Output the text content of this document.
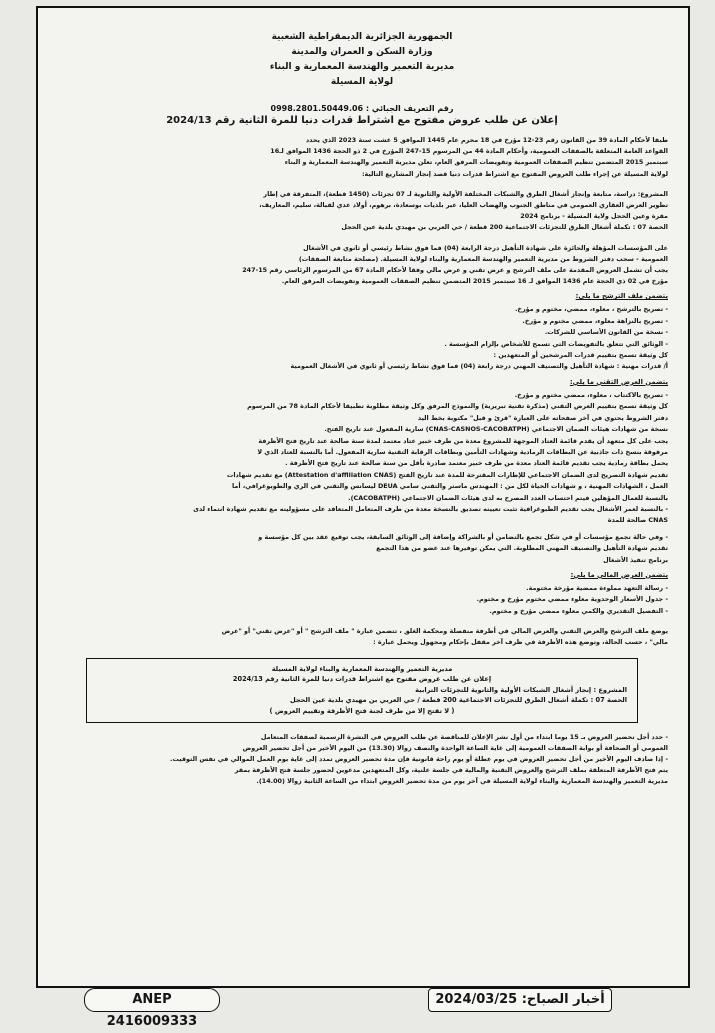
الجمهورية الجزائرية الديمقراطية الشعبية
وزارة السكن و العمران والمدينة
مديرية التعمير والهندسة المعمارية و البناء
لولاية المسيلة
رقم التعريف الجبائي : 0998.2801.50449.06
إعلان عن طلب عروض مفتوح مع اشتراط قدرات دنيا للمرة الثانية رقم 2024/13

طبقا لأحكام المادة 39 من القانون رقم 23-12 مؤرخ في 18 محرم عام 1445 الموافق 5 غشت سنة 2023 الذي يحدد

القواعد العامة المتعلقة بالصفقات العمومية، وأحكام المادة 44 من المرسوم 15-247 المؤرخ في 2 ذو الحجة 1436 الموافق لـ16

سبتمبر 2015 المتضمن تنظيم الصفقات العمومية وتفويضات المرفق العام، تعلن مديرية التعمير والهندسة المعمارية و البناء

لولاية المسيلة عن إجراء طلب العروض المفتوح مع اشتراط قدرات دنيا قصد إنجاز المشاريع التالية:

المشروع: دراسة، متابعة وإنجاز أشغال الطرق والشبكات المختلفة الأولية والثانوية لـ 07 تجزئات (1450 قطعة)، المتفرقة في إطار

تطوير العرض العقاري العمومي في مناطق الجنوب والهضاب العليا، عبر بلديات بوسعادة، برهوم، أولاد عدي لقبالة، سليم، المعاريف،

مقرة وعين الحجل ولاية المسيلة - برنامج 2024

الحصة 07 : تكملة أشغال الطرق للتجزئات الاجتماعية 200 قطعة / حي العربي بن مهيدي بلدية عين الحجل

على المؤسسات المؤهلة والحائزة على شهادة التأهيل درجة الرابعة (04) فما فوق نشاط رئيسي أو ثانوي في الأشغال

العمومية - سحب دفتر الشروط من مديرية التعمير والهندسة المعمارية والبناء لولاية المسيلة. (مصلحة متابعة الصفقات)

يجب أن تشمل العروض المقدمة على ملف الترشح و عرض تقني و عرض مالي وفقا لأحكام المادة 67 من المرسوم الرئاسي رقم 15-247

مؤرخ في 02 ذي الحجة عام 1436 الموافق لـ 16 سبتمبر 2015 المتضمن تنظيم الصفقات العمومية وتفويضات المرفق العام.

يتضمن ملف الترشح ما يلي:

- تصريح بالترشح ، معلوء، ممضي، مختوم و مؤرخ.

- تصريح بالنزاهة معلوء، ممضي مختوم و مؤرخ.

- نسخة من القانون الأساسي للشركات.

- الوثائق التي تتعلق بالتفويضات التي تسمح للأشخاص بإلزام المؤسسة .

كل وثيقة تسمح بتقييم قدرات المرشحين أو المتعهدين :

أ/ قدرات مهنية : شهادة التأهيل والتصنيف المهني درجة رابعة (04) فما فوق نشاط رئيسي أو ثانوي في الأشغال العمومية

يتضمن العرض التقني ما يلي:

- تصريح بالاكتتاب ، معلوء، ممضي مختوم و مؤرخ.

كل وثيقة تسمح بتقييم العرض التقني (مذكرة تقنية تبريرية) والنموذج المرفق وكل وثيقة مطلوبة تطبيقا لأحكام المادة 78 من المرسوم

دفتر الشروط يحتوي في آخر صفحاته على العبارة "قرئ و قبل" مكتوبة بخط اليد

نسخة من شهادات هيئات الضمان الاجتماعي (CNAS-CASNOS-CACOBATPH) سارية المفعول عند تاريخ الفتح.

يجب على كل متعهد أن يقدم قائمة العتاد الموجهة للمشروع معدة من طرف خبير عتاد معتمد لمدة سنة صالحة عند تاريخ فتح الأظرفة

مرفوقة بنسخ ذات جاذبية عن البطاقات الرمادية وشهادات التأمين وبطاقات الرقابة التقنية سارية المفعول. أما بالنسبة للعتاد الذي لا

يحمل بطاقة رمادية يجب تقديم قائمة العتاد معدة من طرف خبير معتمد صادرة بأقل من سنة صالحة عند تاريخ فتح الأظرفة .

تقديم شهادة التصريح لدى الضمان الاجتماعي للإطارات المقترحة للمدة عند تاريخ الفتح (Attestation d'affiliation CNAS) مع تقديم شهادات

العمل ، الشهادات المهنية ، و شهادات الحياة لكل من : المهندس ماستر والتقني سامي DEUA ليسانس والتقني في الري والطوبوغرافي، أما

بالنسبة للعمال المؤهلين فيتم احتساب العدد المصرح به لدى هيئات الضمان الاجتماعي (CACOBATPH).

- بالنسبة لعمر الأشغال يجب تقديم الطبوغرافية تثبت تعيينه تصديق بالنسخة معدة من طرف المتعامل المتعاقد على مسؤوليته مع تقديم شهادة انتماء لدى

CNAS صالحة للمدة

- وفي حالة تجمع مؤسسات أو في شكل تجمع بالتضامن أو بالشراكة وإضافة إلى الوثائق السابقة، يجب توقيع عقد بين كل مؤسسة و

تقديم شهادة التأهيل والتصنيف المهني المطلوبة. التي يمكن توفيرها عند عضو من هذا التجمع

برنامج تنفيذ الأشغال

يتضمن العرض المالي ما يلي:

- رسالة التعهد مملوءة ممضية مؤرخة مختومة.

- جدول الأسعار الوحدوية معلوء ممضي مختوم مؤرخ و مختوم.

- التفصيل التقديري والكمي معلوء ممضي مؤرخ و مختوم.

يوضع ملف الترشح والعرض التقني والعرض المالي في أظرفة منفصلة ومحكمة الغلق ، تتضمن عبارة " ملف الترشح " أو "عرض تقني" أو "عرض

مالي" ، حسب الحالة، وتوضع هذه الأظرفة في ظرف آخر مقفل بإحكام ومجهول ويحمل عبارة :

مديرية التعمير والهندسة المعمارية والبناء لولاية المسيلة
إعلان عن طلب عروض مفتوح مع اشتراط قدرات دنيا للمرة الثانية رقم 2024/13
المشروع : إنجاز أشغال الشبكات الأولية والثانوية للتجزئات الترابية
الحصة 07 : تكملة أشغال الطرق للتجزئات الاجتماعية 200 قطعة / حي العربي بن مهيدي بلدية عين الحجل
( لا تفتح إلا من طرف لجنة فتح الأظرفة وتقييم العروض )

- حدد أجل تحضير العروض بـ 15 يوما ابتداء من أول نشر الإعلان للمناقصة عن طلب العروض في النشرة الرسمية لصفقات المتعامل

العمومي أو الصحافة أو بوابة الصفقات العمومية إلى غاية الساعة الواحدة والنصف زوالا (13.30) من اليوم الأخير من أجل تحضير العروض

- إذا صادف اليوم الأخير من أجل تحضير العروض في يوم عطلة أو يوم راحة قانونية فإن مدة تحضير العروض تمدد إلى غاية يوم العمل الموالي في نفس التوقيت.

يتم فتح الأظرفة المتعلقة بملف الترشح والعروض التقنية والمالية في جلسة علنية، وكل المتعهدين مدعوين لحضور جلسة فتح الأظرفة بمقر

مديرية التعمير والهندسة المعمارية والبناء لولاية المسيلة في آخر يوم من مدة تحضير العروض ابتداء من الساعة الثانية زوالا (14.00).

ANEP 2416009333
أخبار الصباح: 2024/03/25
